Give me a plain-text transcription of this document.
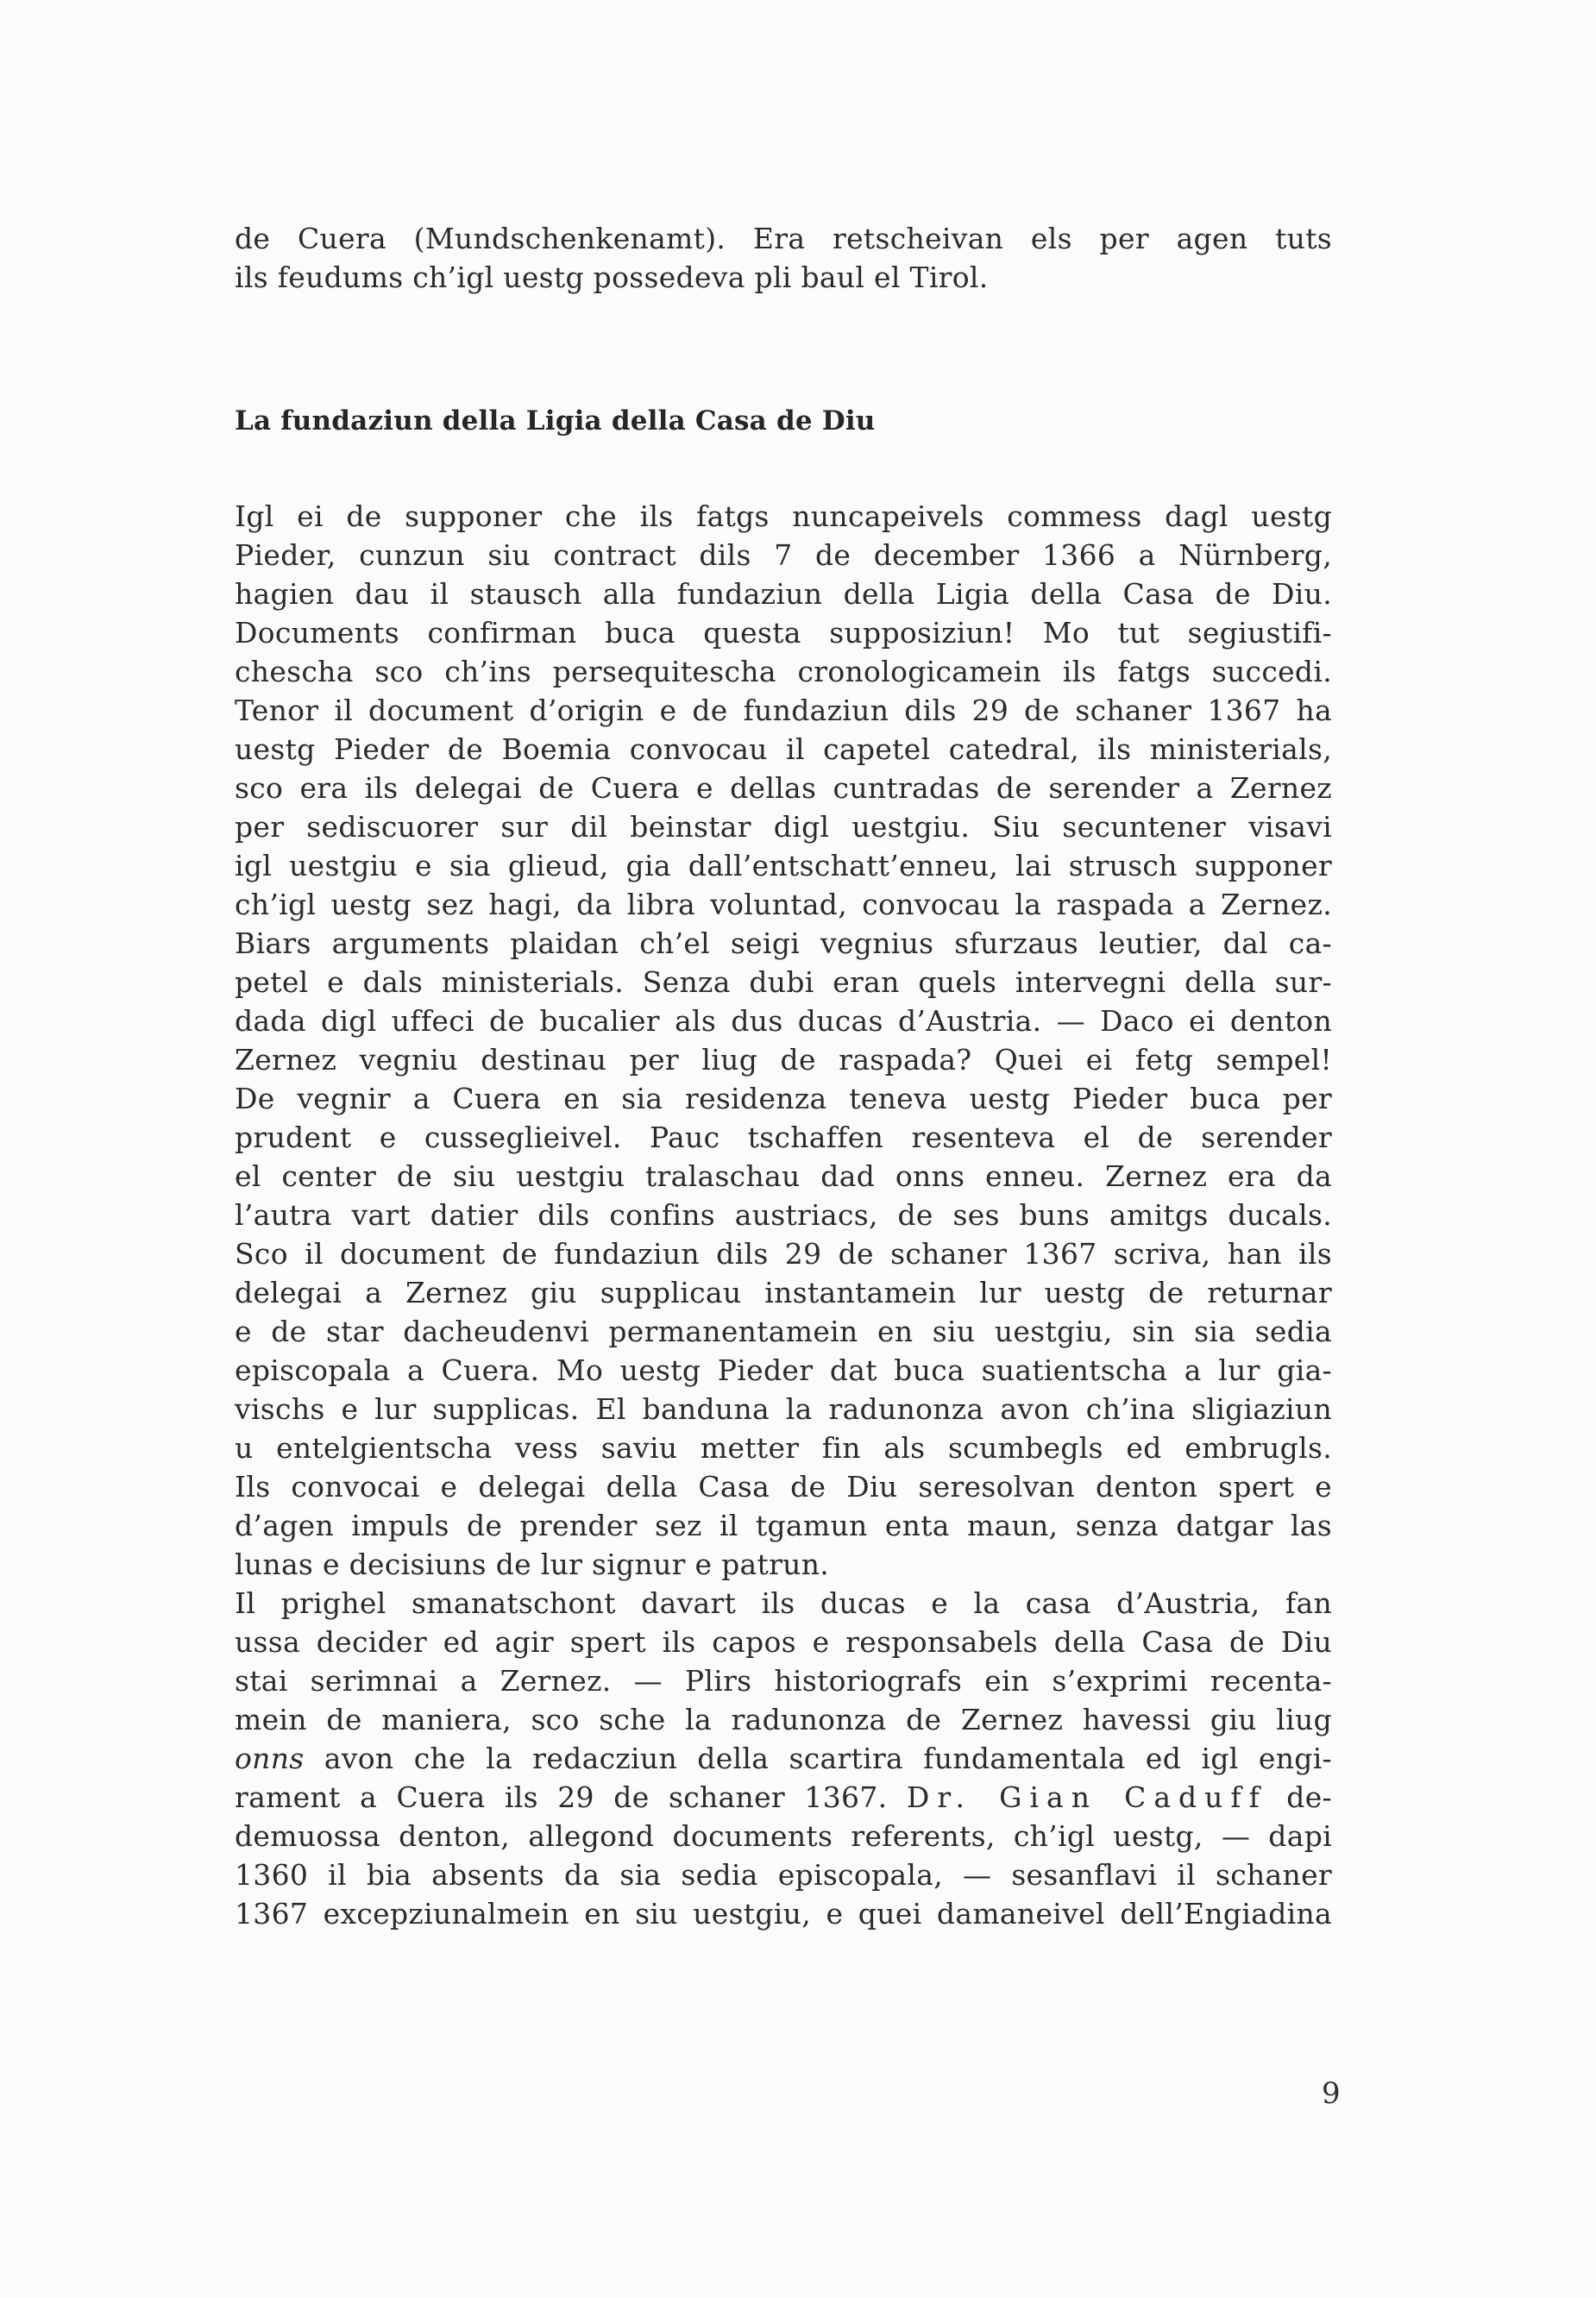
de Cuera (Mundschenkenamt). Era retscheivan els per agen tuts
ils feudums ch’igl uestg possedeva pli baul el Tirol.
La fundaziun della Ligia della Casa de Diu
Igl ei de supponer che ils fatgs nuncapeivels commess dagl uestg
Pieder, cunzun siu contract dils 7 de december 1366 a Nürnberg,
hagien dau il stausch alla fundaziun della Ligia della Casa de Diu.
Documents confirman buca questa supposiziun! Mo tut segiustifi-
chescha sco ch’ins persequitescha cronologicamein ils fatgs succedi.
Tenor il document d’origin e de fundaziun dils 29 de schaner 1367 ha
uestg Pieder de Boemia convocau il capetel catedral, ils ministerials,
sco era ils delegai de Cuera e dellas cuntradas de serender a Zernez
per sediscuorer sur dil beinstar digl uestgiu. Siu secuntener visavi
igl uestgiu e sia glieud, gia dall’entschatt’enneu, lai strusch supponer
ch’igl uestg sez hagi, da libra voluntad, convocau la raspada a Zernez.
Biars arguments plaidan ch’el seigi vegnius sfurzaus leutier, dal ca-
petel e dals ministerials. Senza dubi eran quels intervegni della sur-
dada digl uffeci de bucalier als dus ducas d’Austria. — Daco ei denton
Zernez vegniu destinau per liug de raspada? Quei ei fetg sempel!
De vegnir a Cuera en sia residenza teneva uestg Pieder buca per
prudent e cusseglieivel. Pauc tschaffen resenteva el de serender
el center de siu uestgiu tralaschau dad onns enneu. Zernez era da
l’autra vart datier dils confins austriacs, de ses buns amitgs ducals.
Sco il document de fundaziun dils 29 de schaner 1367 scriva, han ils
delegai a Zernez giu supplicau instantamein lur uestg de returnar
e de star dacheudenvi permanentamein en siu uestgiu, sin sia sedia
episcopala a Cuera. Mo uestg Pieder dat buca suatientscha a lur gia-
vischs e lur supplicas. El banduna la radunonza avon ch’ina sligiaziun
u entelgientscha vess saviu metter fin als scumbegls ed embrugls.
Ils convocai e delegai della Casa de Diu seresolvan denton spert e
d’agen impuls de prender sez il tgamun enta maun, senza datgar las
lunas e decisiuns de lur signur e patrun.
Il prighel smanatschont davart ils ducas e la casa d’Austria, fan
ussa decider ed agir spert ils capos e responsabels della Casa de Diu
stai serimnai a Zernez. — Plirs historiografs ein s’exprimi recenta-
mein de maniera, sco sche la radunonza de Zernez havessi giu liug
onns avon che la redacziun della scartira fundamentala ed igl engi-
rament a Cuera ils 29 de schaner 1367. Dr. Gian Caduff de-
demuossa denton, allegond documents referents, ch’igl uestg, — dapi
1360 il bia absents da sia sedia episcopala, — sesanflavi il schaner
1367 excepziunalmein en siu uestgiu, e quei damaneivel dell’Engiadina
9
